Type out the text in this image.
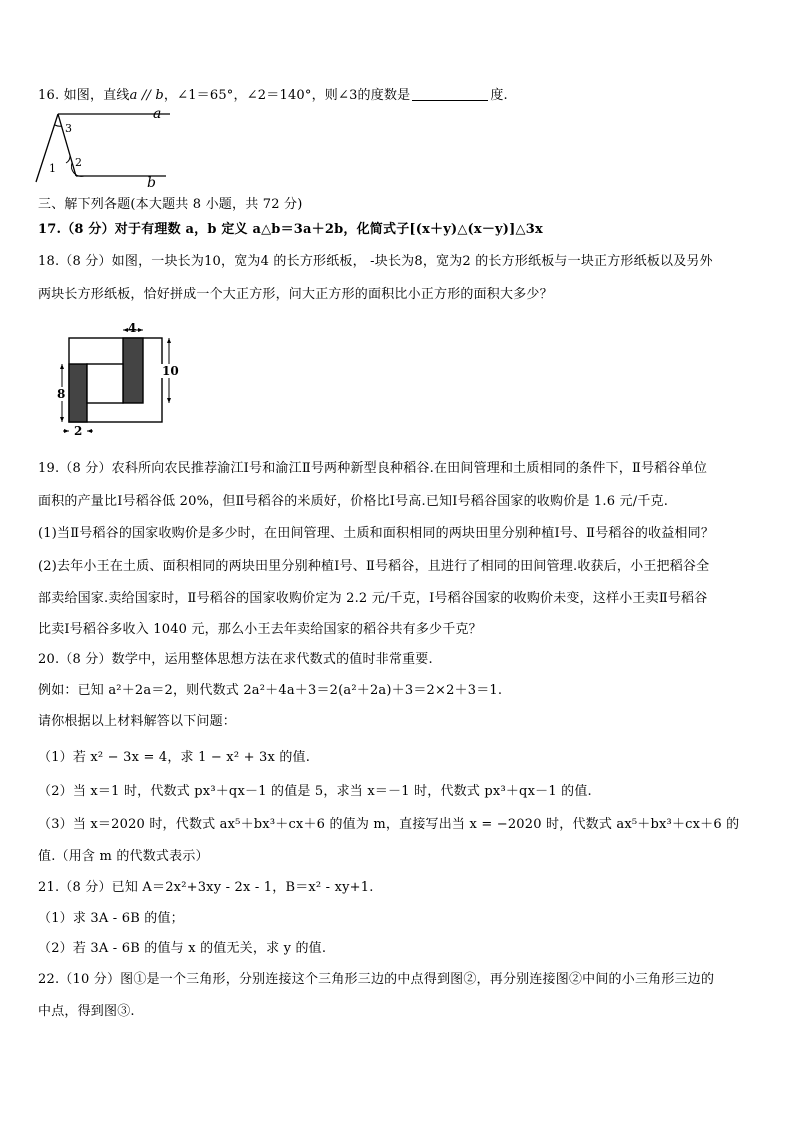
16. 如图，直线a // b，∠1＝65°，∠2＝140°，则∠3的度数是	度.
a
b
3
1 2
三、解下列各题(本大题共 8 小题，共 72 分)
17.（8 分）对于有理数 a，b 定义 a△b＝3a＋2b，化简式子[(x＋y)△(x－y)]△3x
18.（8 分）如图，一块长为10，宽为4 的长方形纸板， -块长为8，宽为2 的长方形纸板与一块正方形纸板以及另外
两块长方形纸板，恰好拼成一个大正方形，问大正方形的面积比小正方形的面积大多少？
4
10
8
2
19.（8 分）农科所向农民推荐渝江Ⅰ号和渝江Ⅱ号两种新型良种稻谷.在田间管理和土质相同的条件下，Ⅱ号稻谷单位
面积的产量比Ⅰ号稻谷低 20%，但Ⅱ号稻谷的米质好，价格比Ⅰ号高.已知Ⅰ号稻谷国家的收购价是 1.6 元/千克.
(1)当Ⅱ号稻谷的国家收购价是多少时，在田间管理、土质和面积相同的两块田里分别种植Ⅰ号、Ⅱ号稻谷的收益相同？
(2)去年小王在土质、面积相同的两块田里分别种植Ⅰ号、Ⅱ号稻谷，且进行了相同的田间管理.收获后，小王把稻谷全
部卖给国家.卖给国家时，Ⅱ号稻谷的国家收购价定为 2.2 元/千克，Ⅰ号稻谷国家的收购价未变，这样小王卖Ⅱ号稻谷
比卖Ⅰ号稻谷多收入 1040 元，那么小王去年卖给国家的稻谷共有多少千克？
20.（8 分）数学中，运用整体思想方法在求代数式的值时非常重要.
例如：已知 a²＋2a＝2，则代数式 2a²＋4a＋3＝2(a²＋2a)＋3＝2×2＋3＝1.
请你根据以上材料解答以下问题：
（1）若 x² − 3x = 4，求 1 − x² + 3x 的值.
（2）当 x＝1 时，代数式 px³＋qx－1 的值是 5，求当 x＝－1 时，代数式 px³＋qx－1 的值.
（3）当 x＝2020 时，代数式 ax⁵＋bx³＋cx＋6 的值为 m，直接写出当 x = −2020 时，代数式 ax⁵＋bx³＋cx＋6 的
值.（用含 m 的代数式表示）
21.（8 分）已知 A＝2x²+3xy - 2x - 1，B＝x² - xy+1.
（1）求 3A - 6B 的值；
（2）若 3A - 6B 的值与 x 的值无关，求 y 的值.
22.（10 分）图①是一个三角形，分别连接这个三角形三边的中点得到图②，再分别连接图②中间的小三角形三边的
中点，得到图③.
